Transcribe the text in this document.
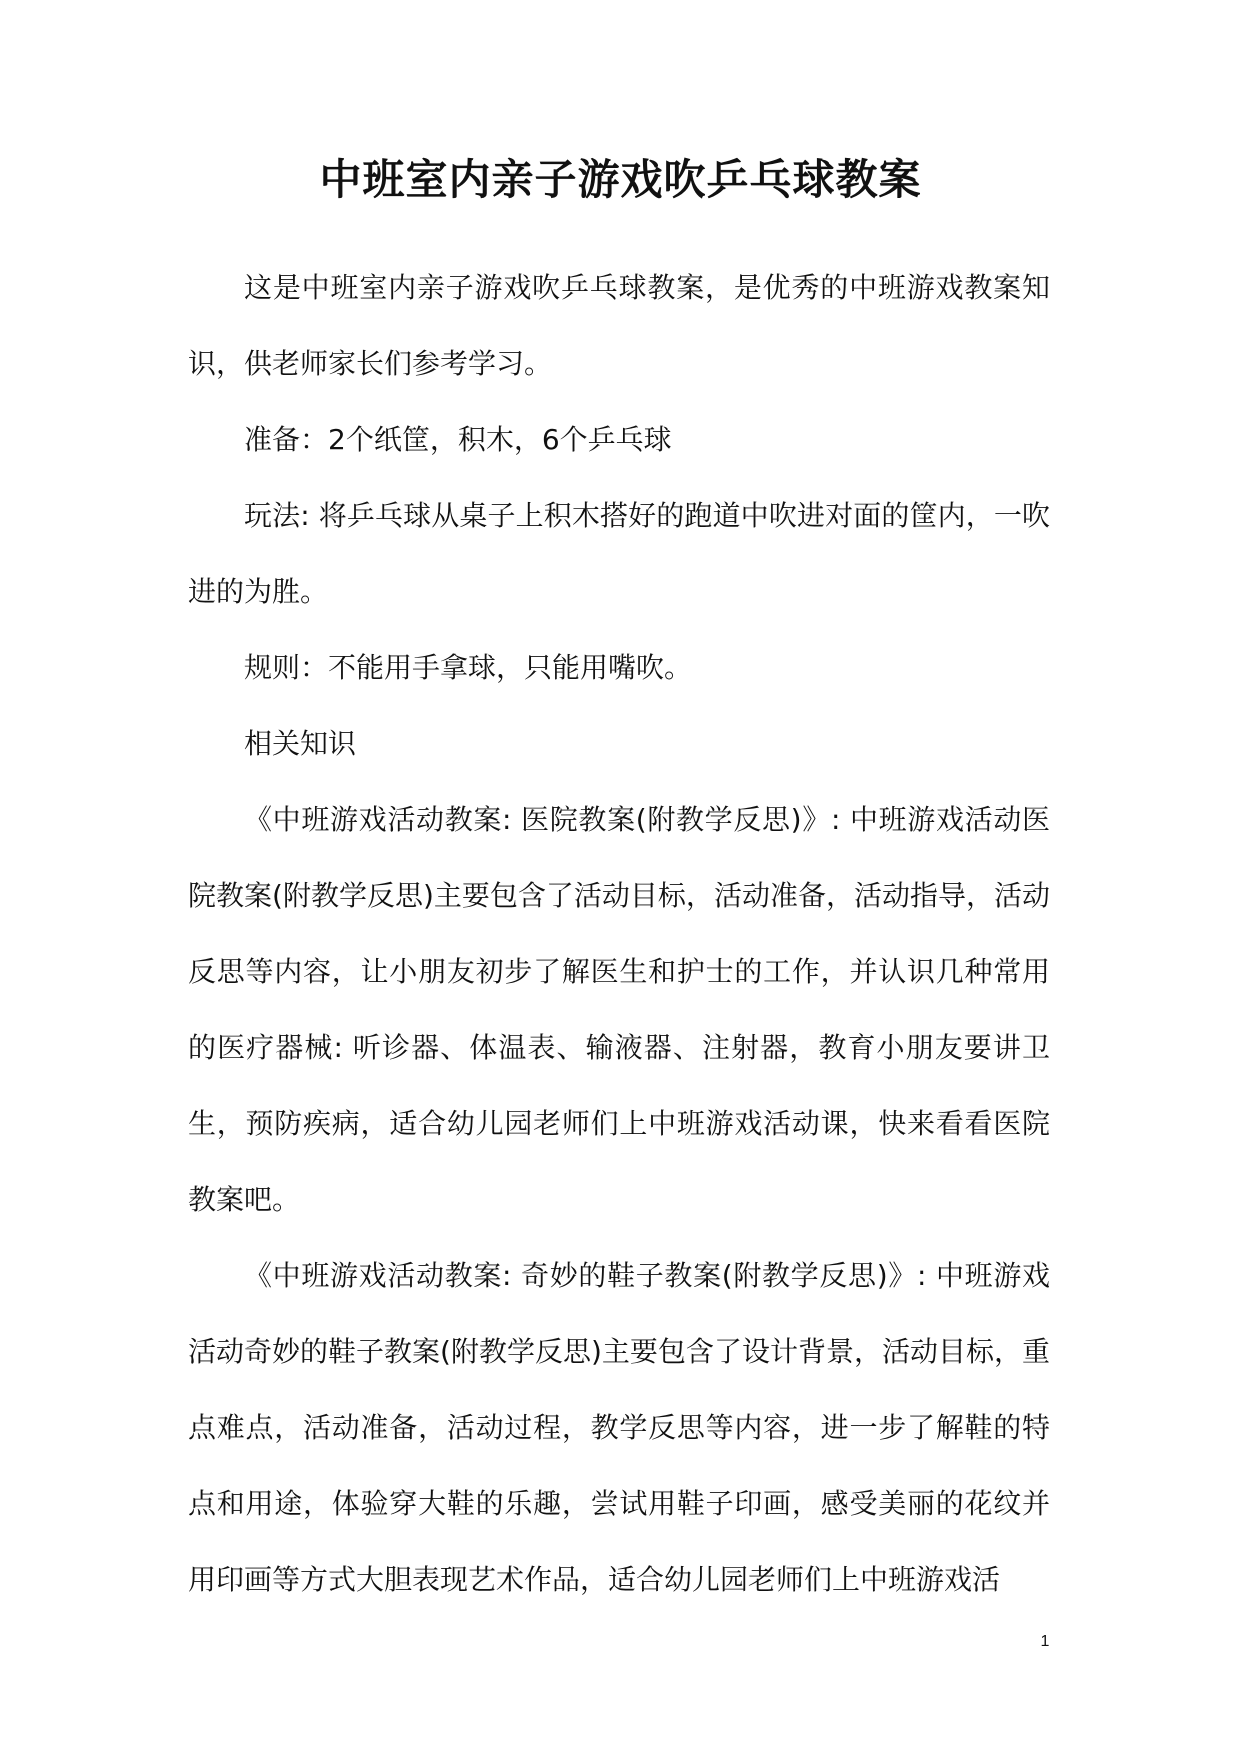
中班室内亲子游戏吹乒乓球教案

这是中班室内亲子游戏吹乒乓球教案，是优秀的中班游戏教案知识，供老师家长们参考学习。

准备：2个纸筐，积木，6个乒乓球

玩法: 将乒乓球从桌子上积木搭好的跑道中吹进对面的筐内，一吹进的为胜。

规则：不能用手拿球，只能用嘴吹。

相关知识

《中班游戏活动教案: 医院教案(附教学反思)》: 中班游戏活动医院教案(附教学反思)主要包含了活动目标，活动准备，活动指导，活动反思等内容，让小朋友初步了解医生和护士的工作，并认识几种常用的医疗器械: 听诊器、体温表、输液器、注射器，教育小朋友要讲卫生，预防疾病，适合幼儿园老师们上中班游戏活动课，快来看看医院教案吧。

《中班游戏活动教案: 奇妙的鞋子教案(附教学反思)》: 中班游戏活动奇妙的鞋子教案(附教学反思)主要包含了设计背景，活动目标，重点难点，活动准备，活动过程，教学反思等内容，进一步了解鞋的特点和用途，体验穿大鞋的乐趣，尝试用鞋子印画，感受美丽的花纹并用印画等方式大胆表现艺术作品，适合幼儿园老师们上中班游戏活

1
